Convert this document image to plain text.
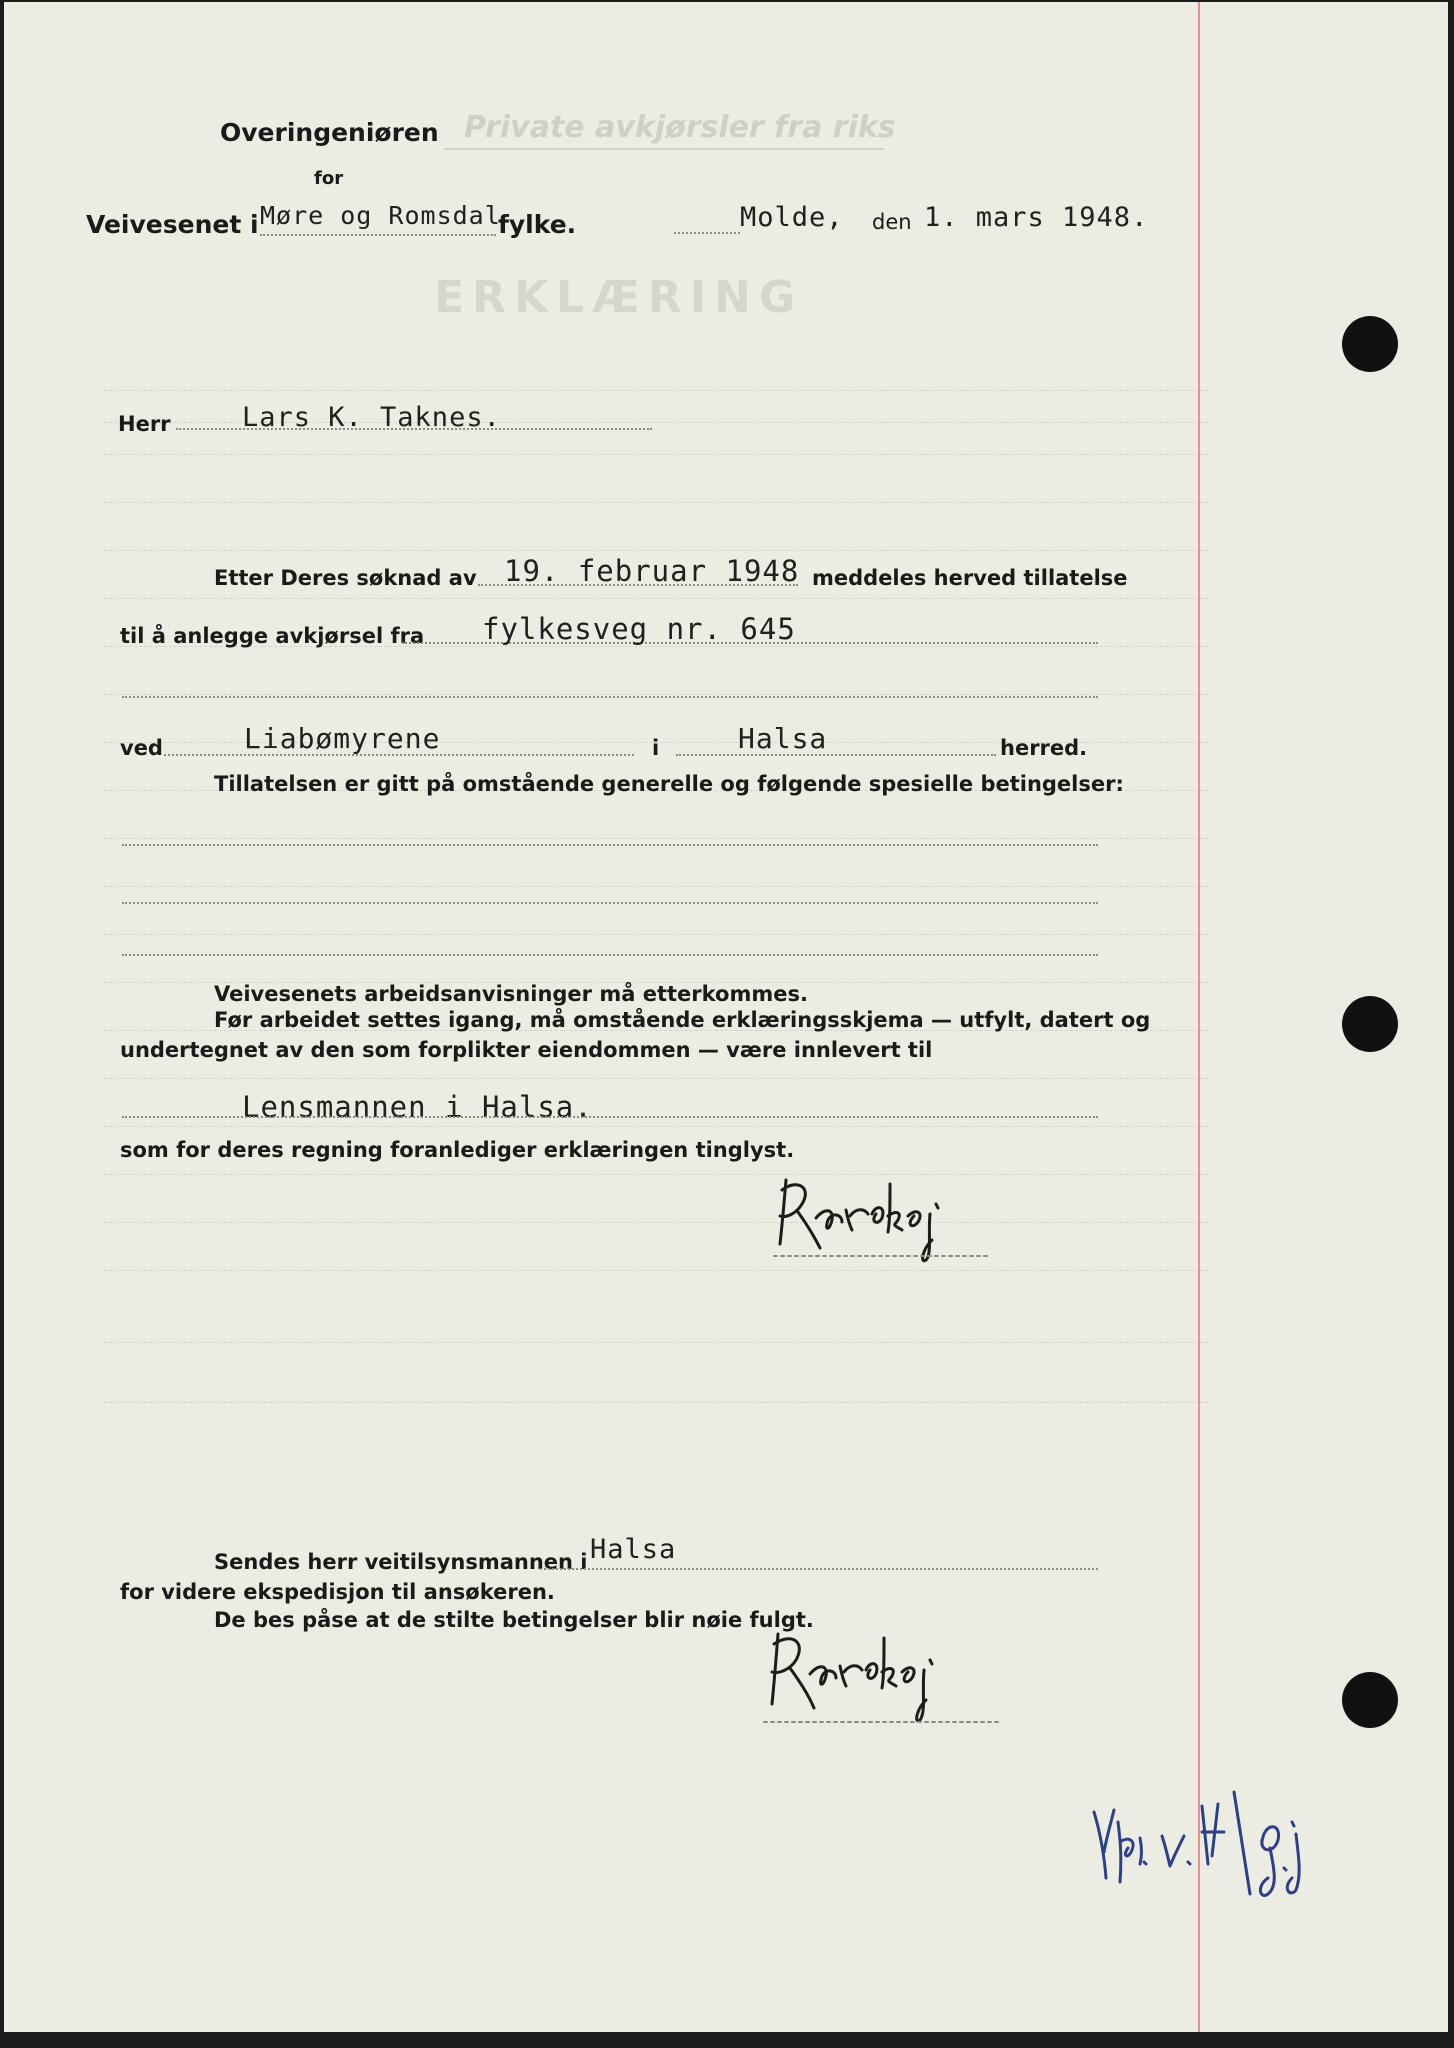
Private avkjørsler fra riks
ERKLÆRING
Overingeniøren
for
Veivesenet i Møre og Romsdal
fylke.	Molde, den 1. mars 1948.
Herr	Lars K. Taknes.
Etter Deres søknad av 19. februar 1948 meddeles herved tillatelse
til å anlegge avkjørsel fra fylkesveg nr. 645
ved	Liabømyrene	i	Halsa	herred.
Tillatelsen er gitt på omstående generelle og følgende spesielle betingelser:
Veivesenets arbeidsanvisninger må etterkommes.
Før arbeidet settes igang, må omstående erklæringsskjema — utfylt, datert og
undertegnet av den som forplikter eiendommen — være innlevert til
Lensmannen i Halsa.
som for deres regning foranlediger erklæringen tinglyst.
Sendes herr veitilsynsmannen i Halsa
for videre ekspedisjon til ansøkeren.
De bes påse at de stilte betingelser blir nøie fulgt.
